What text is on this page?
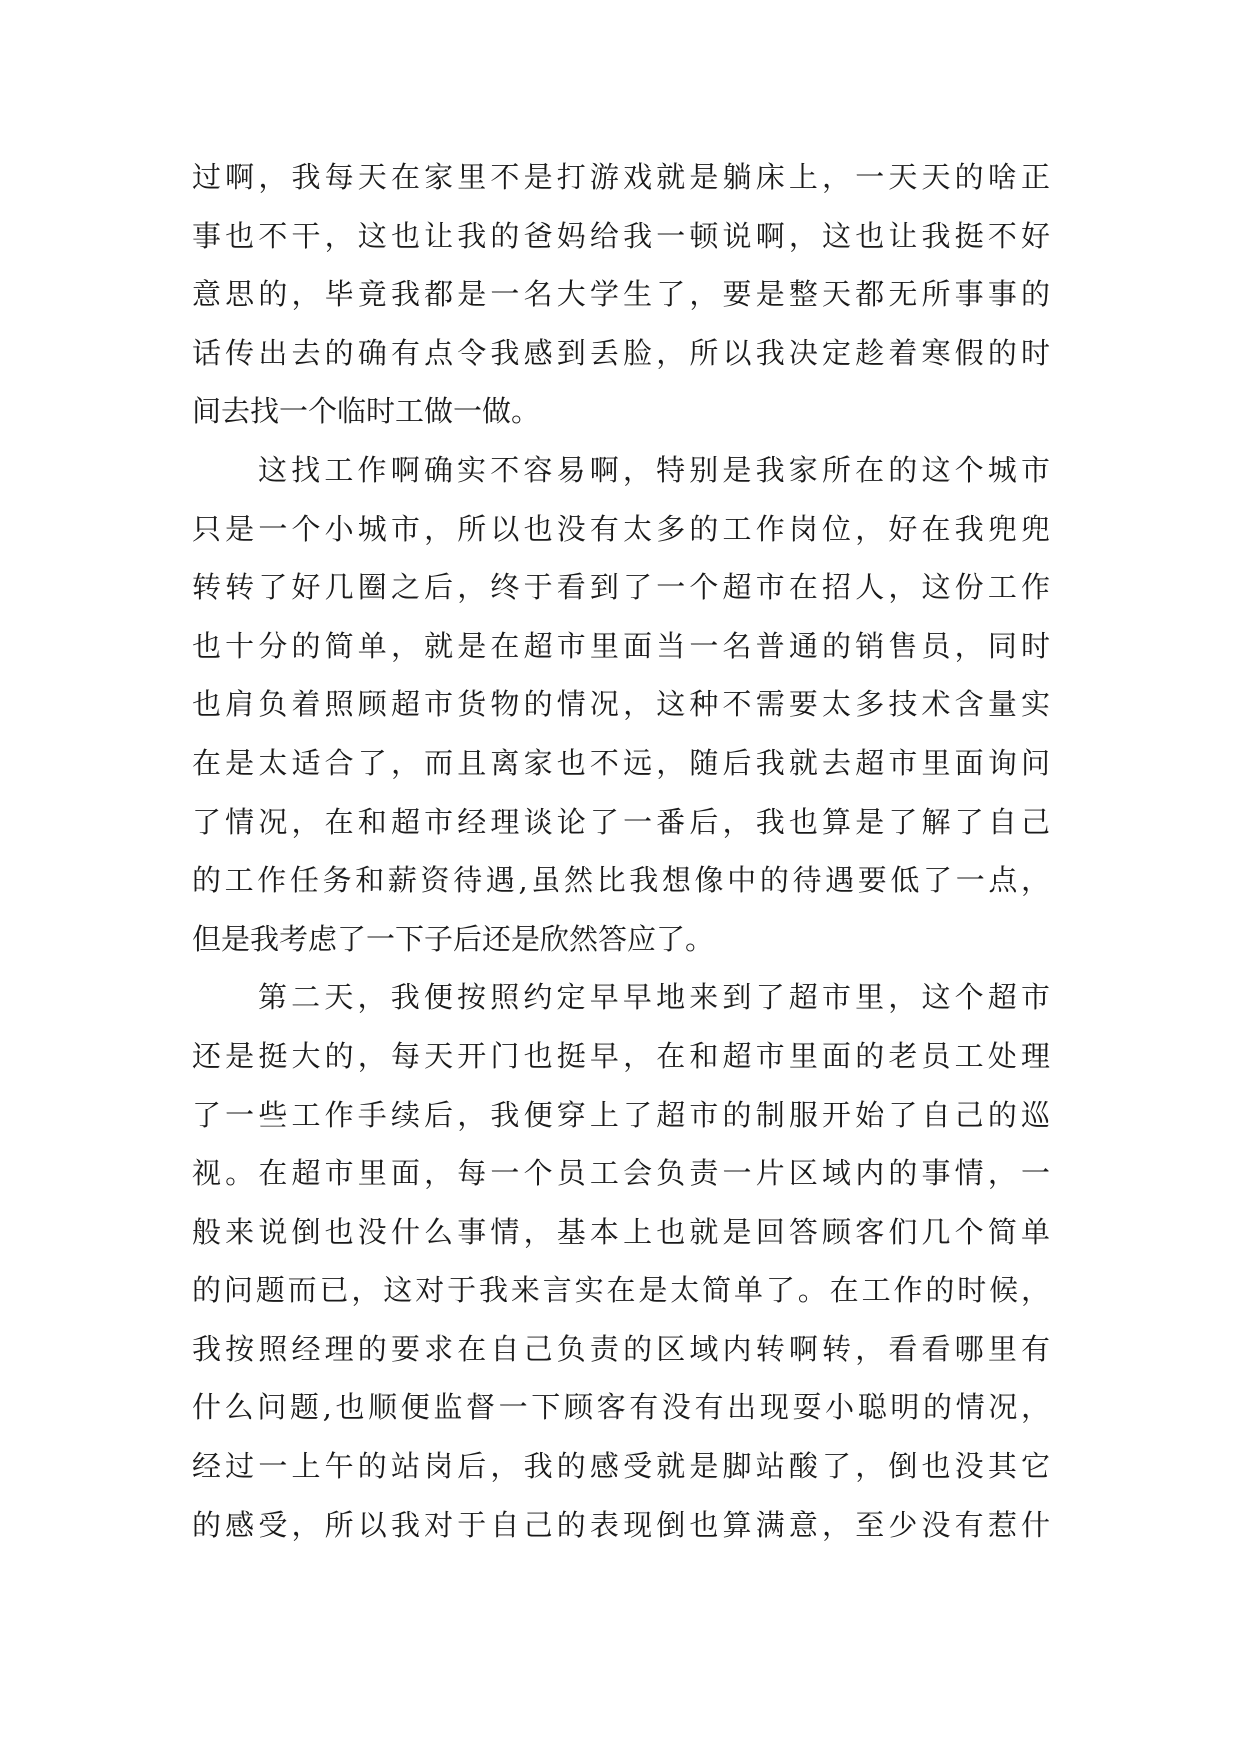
过啊，我每天在家里不是打游戏就是躺床上，一天天的啥正
事也不干，这也让我的爸妈给我一顿说啊，这也让我挺不好
意思的，毕竟我都是一名大学生了，要是整天都无所事事的
话传出去的确有点令我感到丢脸，所以我决定趁着寒假的时
间去找一个临时工做一做。
这找工作啊确实不容易啊，特别是我家所在的这个城市
只是一个小城市，所以也没有太多的工作岗位，好在我兜兜
转转了好几圈之后，终于看到了一个超市在招人，这份工作
也十分的简单，就是在超市里面当一名普通的销售员，同时
也肩负着照顾超市货物的情况，这种不需要太多技术含量实
在是太适合了，而且离家也不远，随后我就去超市里面询问
了情况，在和超市经理谈论了一番后，我也算是了解了自己
的工作任务和薪资待遇,虽然比我想像中的待遇要低了一点，
但是我考虑了一下子后还是欣然答应了。
第二天，我便按照约定早早地来到了超市里，这个超市
还是挺大的，每天开门也挺早，在和超市里面的老员工处理
了一些工作手续后，我便穿上了超市的制服开始了自己的巡
视。在超市里面，每一个员工会负责一片区域内的事情，一
般来说倒也没什么事情，基本上也就是回答顾客们几个简单
的问题而已，这对于我来言实在是太简单了。在工作的时候，
我按照经理的要求在自己负责的区域内转啊转，看看哪里有
什么问题,也顺便监督一下顾客有没有出现耍小聪明的情况，
经过一上午的站岗后，我的感受就是脚站酸了，倒也没其它
的感受，所以我对于自己的表现倒也算满意，至少没有惹什
